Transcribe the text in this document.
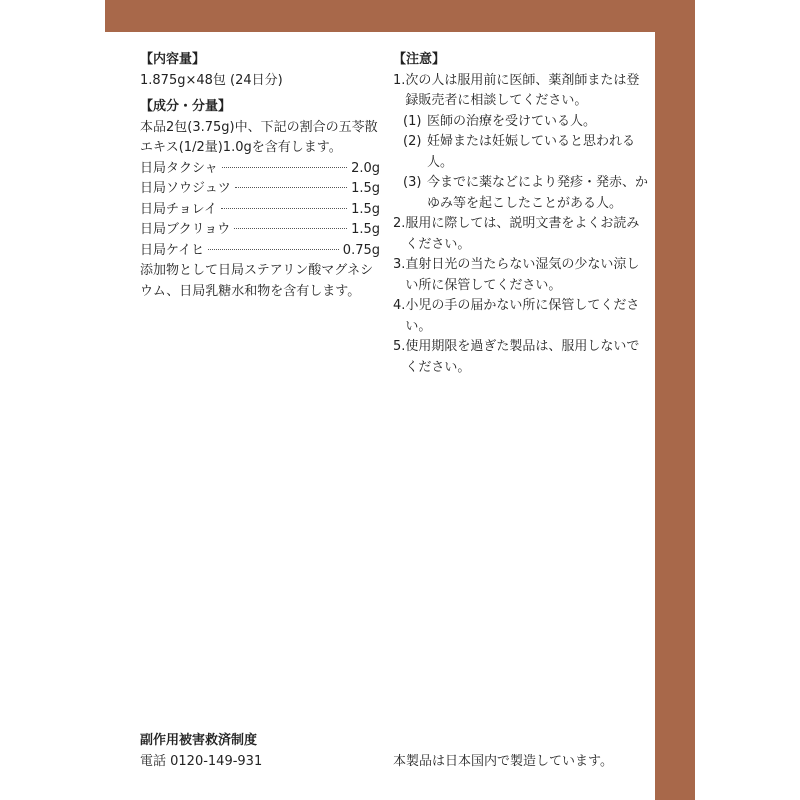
【内容量】

1.875g×48包 (24日分)

【成分・分量】

本品2包(3.75g)中、下記の割合の五苓散エキス(1/2量)1.0gを含有します。

日局タクシャ	2.0g
日局ソウジュツ	1.5g
日局チョレイ	1.5g
日局ブクリョウ	1.5g
日局ケイヒ	0.75g

添加物として日局ステアリン酸マグネシウム、日局乳糖水和物を含有します。

【注意】

1. 次の人は服用前に医師、薬剤師または登録販売者に相談してください。
(1) 医師の治療を受けている人。
(2) 妊婦または妊娠していると思われる人。
(3) 今までに薬などにより発疹・発赤、かゆみ等を起こしたことがある人。
2. 服用に際しては、説明文書をよくお読みください。
3. 直射日光の当たらない湿気の少ない涼しい所に保管してください。
4. 小児の手の届かない所に保管してください。
5. 使用期限を過ぎた製品は、服用しないでください。
副作用被害救済制度
電話 0120-149-931	本製品は日本国内で製造しています。
